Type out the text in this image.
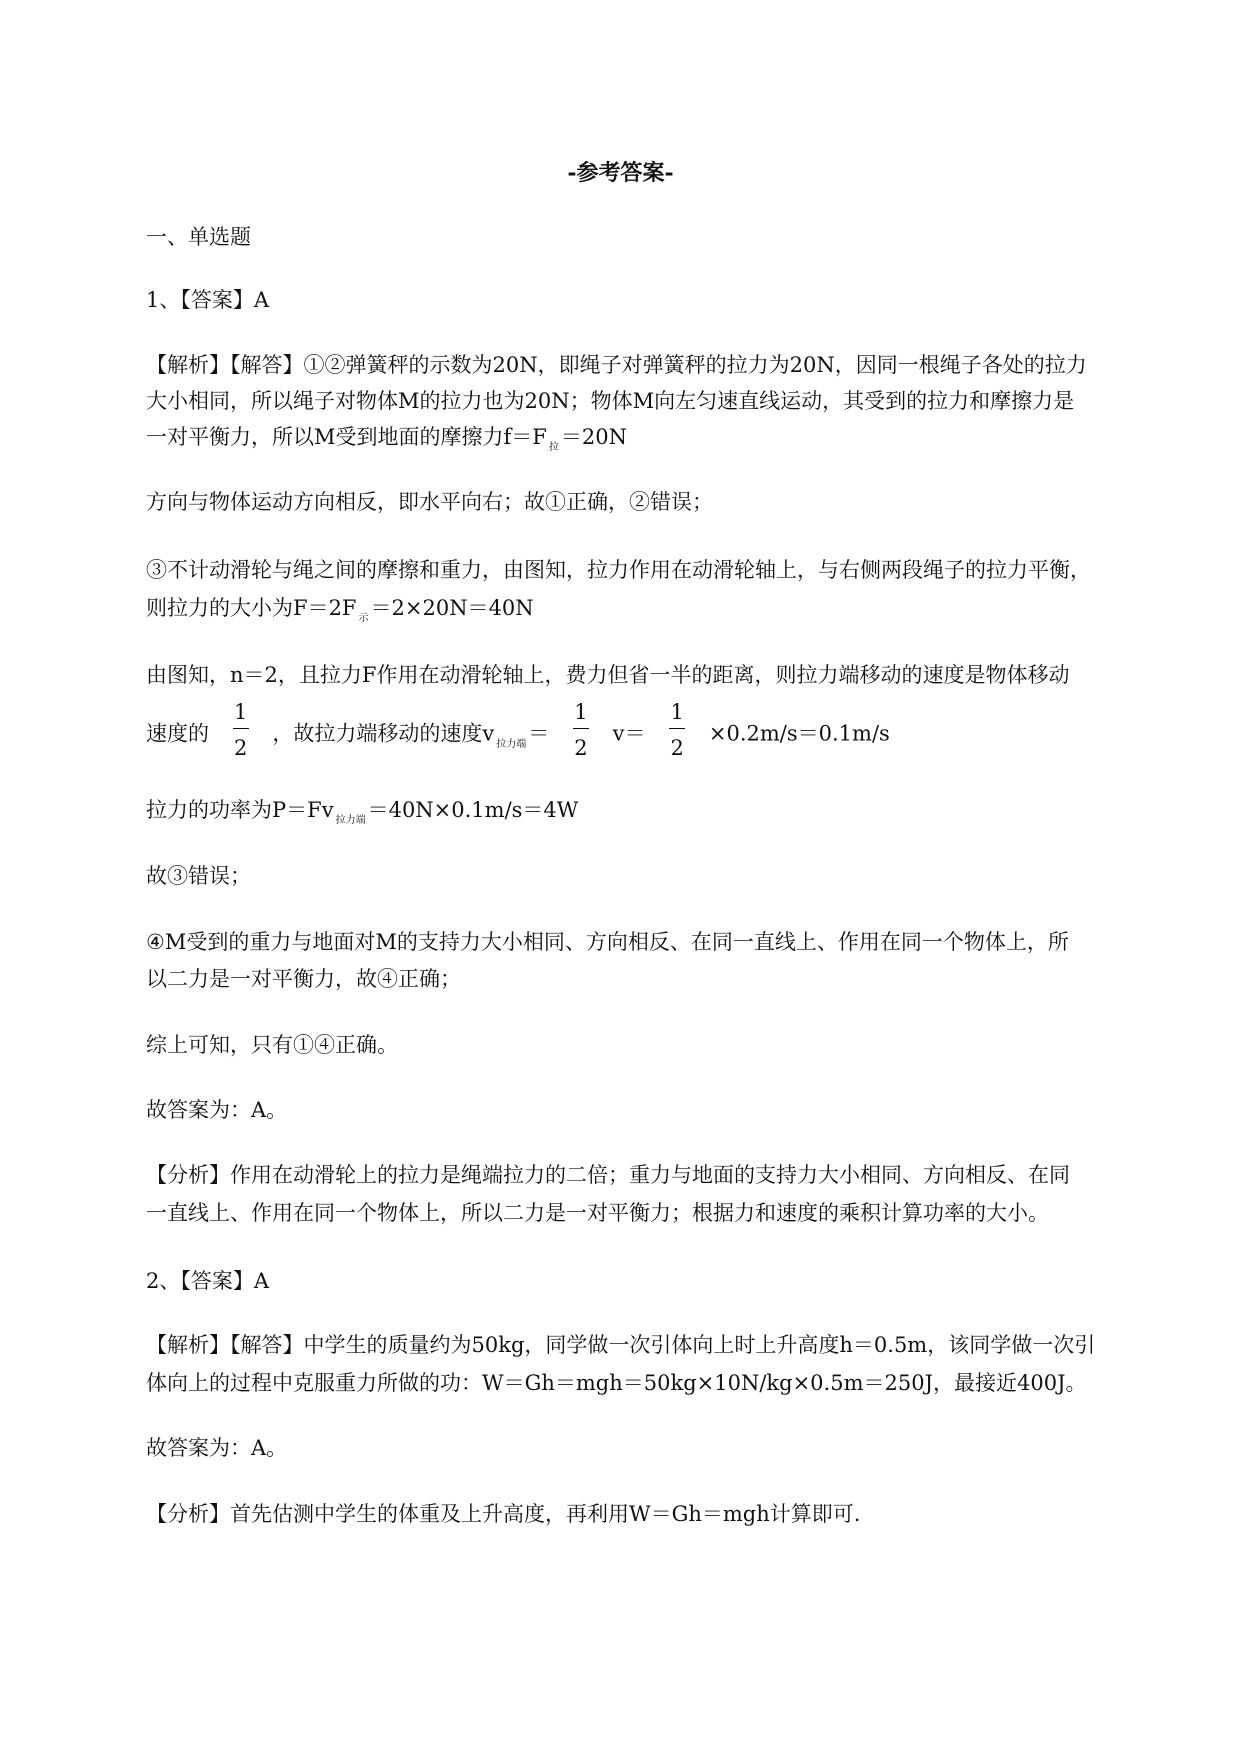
-参考答案-
一、单选题
1、【答案】A
【解析】【解答】①②弹簧秤的示数为20N，即绳子对弹簧秤的拉力为20N，因同一根绳子各处的拉力
大小相同，所以绳子对物体M的拉力也为20N；物体M向左匀速直线运动，其受到的拉力和摩擦力是
一对平衡力，所以M受到地面的摩擦力f＝F $_拉$＝20N
方向与物体运动方向相反，即水平向右；故①正确，②错误；
③不计动滑轮与绳之间的摩擦和重力，由图知，拉力作用在动滑轮轴上，与右侧两段绳子的拉力平衡，
则拉力的大小为F＝2F $_示$＝2×20N＝40N
由图知，n＝2，且拉力F作用在动滑轮轴上，费力但省一半的距离，则拉力端移动的速度是物体移动
速度的 $\frac{1}{2}$ ，故拉力端移动的速度v $_{拉力端}= \frac{1}{2} v= \frac{1}{2} \times 0.2m/s=0.1m/s$
拉力的功率为P＝Fv $_{拉力端}$＝40N×0.1m/s＝4W
故③错误；
④M受到的重力与地面对M的支持力大小相同、方向相反、在同一直线上、作用在同一个物体上，所
以二力是一对平衡力，故④正确；
综上可知，只有①④正确。
故答案为：A。
【分析】作用在动滑轮上的拉力是绳端拉力的二倍；重力与地面的支持力大小相同、方向相反、在同
一直线上、作用在同一个物体上，所以二力是一对平衡力；根据力和速度的乘积计算功率的大小。
2、【答案】A
【解析】【解答】中学生的质量约为50kg，同学做一次引体向上时上升高度h＝0.5m，该同学做一次引
体向上的过程中克服重力所做的功：W＝Gh＝mgh＝50kg×10N/kg×0.5m＝250J，最接近400J。
故答案为：A。
【分析】首先估测中学生的体重及上升高度，再利用W＝Gh＝mgh计算即可.
